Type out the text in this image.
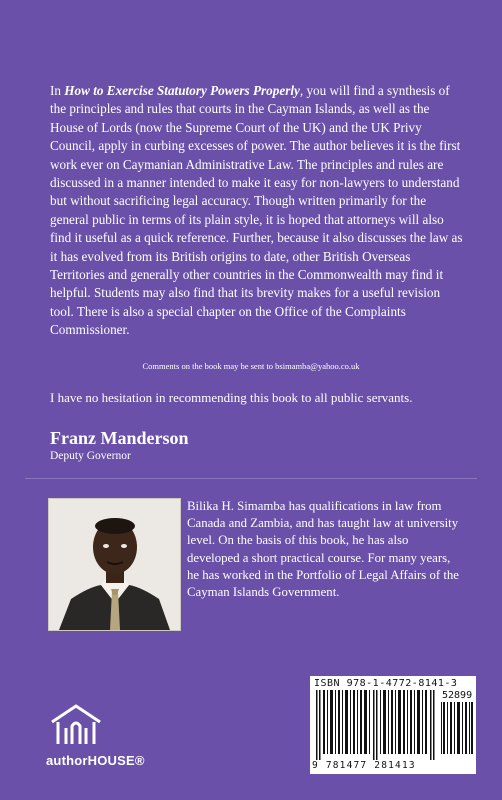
In How to Exercise Statutory Powers Properly, you will find a synthesis of the principles and rules that courts in the Cayman Islands, as well as the House of Lords (now the Supreme Court of the UK) and the UK Privy Council, apply in curbing excesses of power. The author believes it is the first work ever on Caymanian Administrative Law. The principles and rules are discussed in a manner intended to make it easy for non-lawyers to understand but without sacrificing legal accuracy. Though written primarily for the general public in terms of its plain style, it is hoped that attorneys will also find it useful as a quick reference. Further, because it also discusses the law as it has evolved from its British origins to date, other British Overseas Territories and generally other countries in the Commonwealth may find it helpful. Students may also find that its brevity makes for a useful revision tool. There is also a special chapter on the Office of the Complaints Commissioner.

Comments on the book may be sent to bsimamba@yahoo.co.uk
I have no hesitation in recommending this book to all public servants.
Franz Manderson
Deputy Governor

Bilika H. Simamba has qualifications in law from Canada and Zambia, and has taught law at university level. On the basis of this book, he has also developed a short practical course. For many years, he has worked in the Portfolio of Legal Affairs of the Cayman Islands Government.

authorHOUSE®
ISBN 978-1-4772-8141-3
52899
9 781477 281413
